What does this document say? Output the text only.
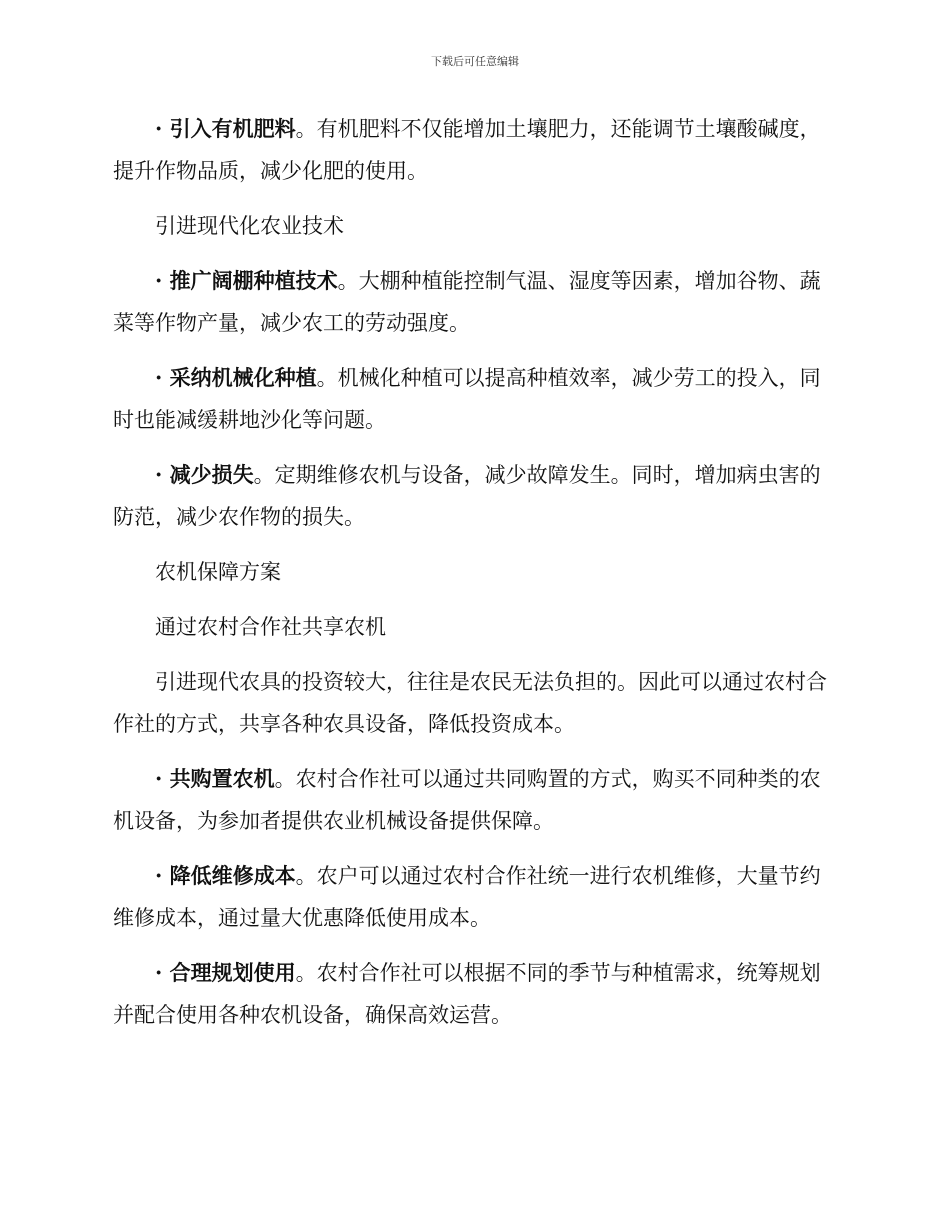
下载后可任意编辑

· 引入有机肥料。有机肥料不仅能增加土壤肥力，还能调节土壤酸碱度，提升作物品质，减少化肥的使用。

引进现代化农业技术

· 推广阔棚种植技术。大棚种植能控制气温、湿度等因素，增加谷物、蔬菜等作物产量，减少农工的劳动强度。

· 采纳机械化种植。机械化种植可以提高种植效率，减少劳工的投入，同时也能减缓耕地沙化等问题。

· 减少损失。定期维修农机与设备，减少故障发生。同时，增加病虫害的防范，减少农作物的损失。

农机保障方案

通过农村合作社共享农机

引进现代农具的投资较大，往往是农民无法负担的。因此可以通过农村合作社的方式，共享各种农具设备，降低投资成本。

· 共购置农机。农村合作社可以通过共同购置的方式，购买不同种类的农机设备，为参加者提供农业机械设备提供保障。

· 降低维修成本。农户可以通过农村合作社统一进行农机维修，大量节约维修成本，通过量大优惠降低使用成本。

· 合理规划使用。农村合作社可以根据不同的季节与种植需求，统筹规划并配合使用各种农机设备，确保高效运营。
